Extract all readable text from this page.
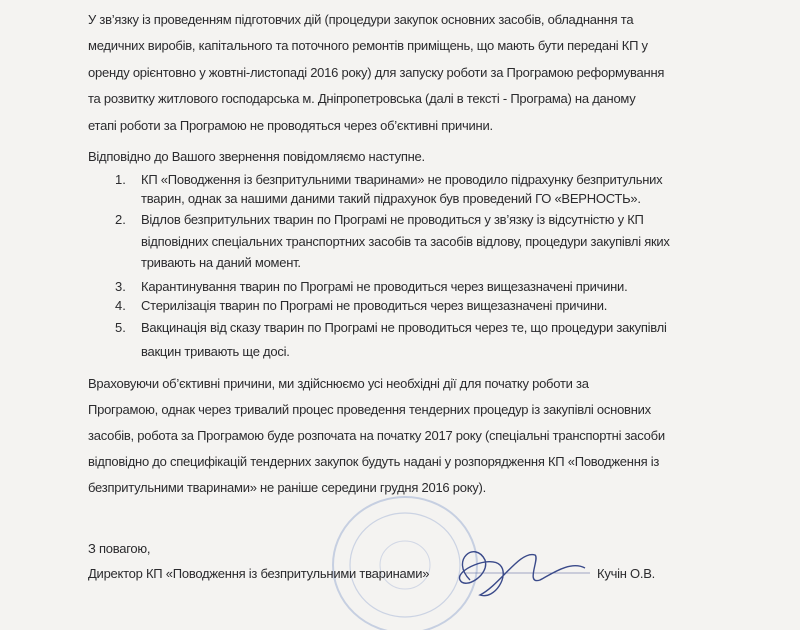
У зв’язку із проведенням підготовчих дій (процедури закупок основних засобів, обладнання та
медичних виробів, капітального та поточного ремонтів приміщень, що мають бути передані КП у
оренду орієнтовно у жовтні-листопаді 2016 року) для запуску роботи за Програмою реформування
та розвитку житлового господарська м. Дніпропетровська (далі в тексті - Програма) на даному
етапі роботи за Програмою не проводяться через об’єктивні причини.
Відповідно до Вашого звернення повідомляємо наступне.
1. КП «Поводження із безпритульними тваринами» не проводило підрахунку безпритульних
тварин, однак за нашими даними такий підрахунок був проведений ГО «ВЕРНОСТЬ».
2. Відлов безпритульних тварин по Програмі не проводиться у зв’язку із відсутністю у КП
відповідних спеціальних транспортних засобів та засобів відлову, процедури закупівлі яких
тривають на даний момент.
3. Карантинування тварин по Програмі не проводиться через вищезазначені причини.
4. Стерилізація тварин по Програмі не проводиться через вищезазначені причини.
5. Вакцинація від сказу тварин по Програмі не проводиться через те, що процедури закупівлі
вакцин тривають ще досі.
Враховуючи об’єктивні причини, ми здійснюємо усі необхідні дії для початку роботи за
Програмою, однак через тривалий процес проведення тендерних процедур із закупівлі основних
засобів, робота за Програмою буде розпочата на початку 2017 року (спеціальні транспортні засоби
відповідно до специфікацій тендерних закупок будуть надані у розпорядження КП «Поводження із
безпритульними тваринами» не раніше середини грудня 2016 року).
З повагою,
Директор КП «Поводження із безпритульними тваринами»	Кучін О.В.
